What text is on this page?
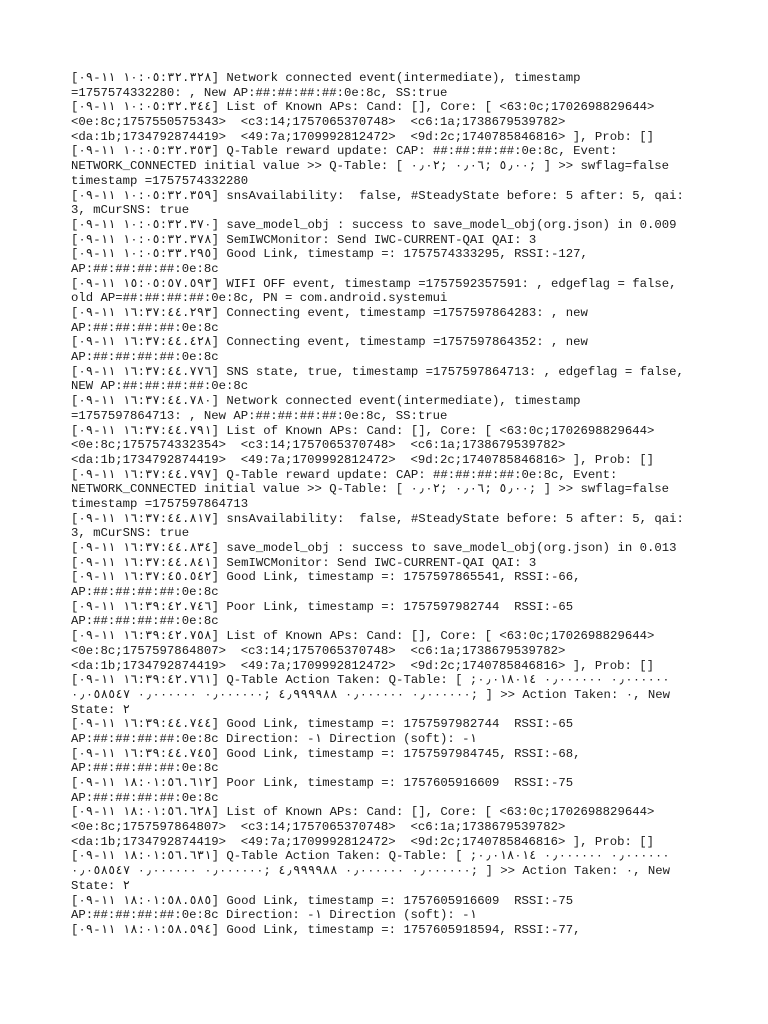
[١٠:٠٥:٣٢.٣٢٨ ١١-٠٩] Network connected event(intermediate), timestamp
=1757574332280: , New AP:##:##:##:##:0e:8c, SS:true
[١٠:٠٥:٣٢.٣٤٤ ١١-٠٩] List of Known APs: Cand: [], Core: [ <63:0c;1702698829644>
<0e:8c;1757550575343>  <c3:14;1757065370748>  <c6:1a;1738679539782>
<da:1b;1734792874419>  <49:7a;1709992812472>  <9d:2c;1740785846816> ], Prob: []
[١٠:٠٥:٣٢.٣٥٣ ١١-٠٩] Q-Table reward update: CAP: ##:##:##:##:0e:8c, Event:
NETWORK_CONNECTED initial value >> Q-Table: [ ٥٫٠٠ ;٠٫٠٦ ;٠٫٠٢; ] >> swflag=false
timestamp =1757574332280
[١٠:٠٥:٣٢.٣٥٩ ١١-٠٩] snsAvailability:  false, #SteadyState before: 5 after: 5, qai:
3, mCurSNS: true
[١٠:٠٥:٣٢.٣٧٠ ١١-٠٩] save_model_obj : success to save_model_obj(org.json) in 0.009
[١٠:٠٥:٣٢.٣٧٨ ١١-٠٩] SemIWCMonitor: Send IWC-CURRENT-QAI QAI: 3
[١٠:٠٥:٣٣.٢٩٥ ١١-٠٩] Good Link, timestamp =: 1757574333295, RSSI:-127,
AP:##:##:##:##:0e:8c
[١٥:٠٥:٥٧.٥٩٣ ١١-٠٩] WIFI OFF event, timestamp =1757592357591: , edgeflag = false,
old AP=##:##:##:##:0e:8c, PN = com.android.systemui
[١٦:٣٧:٤٤.٢٩٣ ١١-٠٩] Connecting event, timestamp =1757597864283: , new
AP:##:##:##:##:0e:8c
[١٦:٣٧:٤٤.٤٢٨ ١١-٠٩] Connecting event, timestamp =1757597864352: , new
AP:##:##:##:##:0e:8c
[١٦:٣٧:٤٤.٧٧٦ ١١-٠٩] SNS state, true, timestamp =1757597864713: , edgeflag = false,
NEW AP:##:##:##:##:0e:8c
[١٦:٣٧:٤٤.٧٨٠ ١١-٠٩] Network connected event(intermediate), timestamp
=1757597864713: , New AP:##:##:##:##:0e:8c, SS:true
[١٦:٣٧:٤٤.٧٩١ ١١-٠٩] List of Known APs: Cand: [], Core: [ <63:0c;1702698829644>
<0e:8c;1757574332354>  <c3:14;1757065370748>  <c6:1a;1738679539782>
<da:1b;1734792874419>  <49:7a;1709992812472>  <9d:2c;1740785846816> ], Prob: []
[١٦:٣٧:٤٤.٧٩٧ ١١-٠٩] Q-Table reward update: CAP: ##:##:##:##:0e:8c, Event:
NETWORK_CONNECTED initial value >> Q-Table: [ ٥٫٠٠ ;٠٫٠٦ ;٠٫٠٢; ] >> swflag=false
timestamp =1757597864713
[١٦:٣٧:٤٤.٨١٧ ١١-٠٩] snsAvailability:  false, #SteadyState before: 5 after: 5, qai:
3, mCurSNS: true
[١٦:٣٧:٤٤.٨٣٤ ١١-٠٩] save_model_obj : success to save_model_obj(org.json) in 0.013
[١٦:٣٧:٤٤.٨٤١ ١١-٠٩] SemIWCMonitor: Send IWC-CURRENT-QAI QAI: 3
[١٦:٣٧:٤٥.٥٤٢ ١١-٠٩] Good Link, timestamp =: 1757597865541, RSSI:-66,
AP:##:##:##:##:0e:8c
[١٦:٣٩:٤٢.٧٤٦ ١١-٠٩] Poor Link, timestamp =: 1757597982744  RSSI:-65
AP:##:##:##:##:0e:8c
[١٦:٣٩:٤٢.٧٥٨ ١١-٠٩] List of Known APs: Cand: [], Core: [ <63:0c;1702698829644>
<0e:8c;1757597864807>  <c3:14;1757065370748>  <c6:1a;1738679539782>
<da:1b;1734792874419>  <49:7a;1709992812472>  <9d:2c;1740785846816> ], Prob: []
[١٦:٣٩:٤٢.٧٦١ ١١-٠٩] Q-Table Action Taken: Q-Table: [ ;٠٫٠٠٠٠٠٠ ٠٫٠٠٠٠٠٠ ٠٫٠١٨٠١٤
٠٫٠٠٠٠٠٠ ٠٫٠٠٠٠٠٠ ٤٫٩٩٩٩٨٨ ;٠٫٠٠٠٠٠٠ ٠٫٠٠٠٠٠٠ ٠٫٠٥٨٥٤٧; ] >> Action Taken: ٠, New
State: ٢
[١٦:٣٩:٤٤.٧٤٤ ١١-٠٩] Good Link, timestamp =: 1757597982744  RSSI:-65
AP:##:##:##:##:0e:8c Direction: -١ Direction (soft): -١
[١٦:٣٩:٤٤.٧٤٥ ١١-٠٩] Good Link, timestamp =: 1757597984745, RSSI:-68,
AP:##:##:##:##:0e:8c
[١٨:٠١:٥٦.٦١٢ ١١-٠٩] Poor Link, timestamp =: 1757605916609  RSSI:-75
AP:##:##:##:##:0e:8c
[١٨:٠١:٥٦.٦٢٨ ١١-٠٩] List of Known APs: Cand: [], Core: [ <63:0c;1702698829644>
<0e:8c;1757597864807>  <c3:14;1757065370748>  <c6:1a;1738679539782>
<da:1b;1734792874419>  <49:7a;1709992812472>  <9d:2c;1740785846816> ], Prob: []
[١٨:٠١:٥٦.٦٣١ ١١-٠٩] Q-Table Action Taken: Q-Table: [ ;٠٫٠٠٠٠٠٠ ٠٫٠٠٠٠٠٠ ٠٫٠١٨٠١٤
٠٫٠٠٠٠٠٠ ٠٫٠٠٠٠٠٠ ٤٫٩٩٩٩٨٨ ;٠٫٠٠٠٠٠٠ ٠٫٠٠٠٠٠٠ ٠٫٠٥٨٥٤٧; ] >> Action Taken: ٠, New
State: ٢
[١٨:٠١:٥٨.٥٨٥ ١١-٠٩] Good Link, timestamp =: 1757605916609  RSSI:-75
AP:##:##:##:##:0e:8c Direction: -١ Direction (soft): -١
[١٨:٠١:٥٨.٥٩٤ ١١-٠٩] Good Link, timestamp =: 1757605918594, RSSI:-77,
